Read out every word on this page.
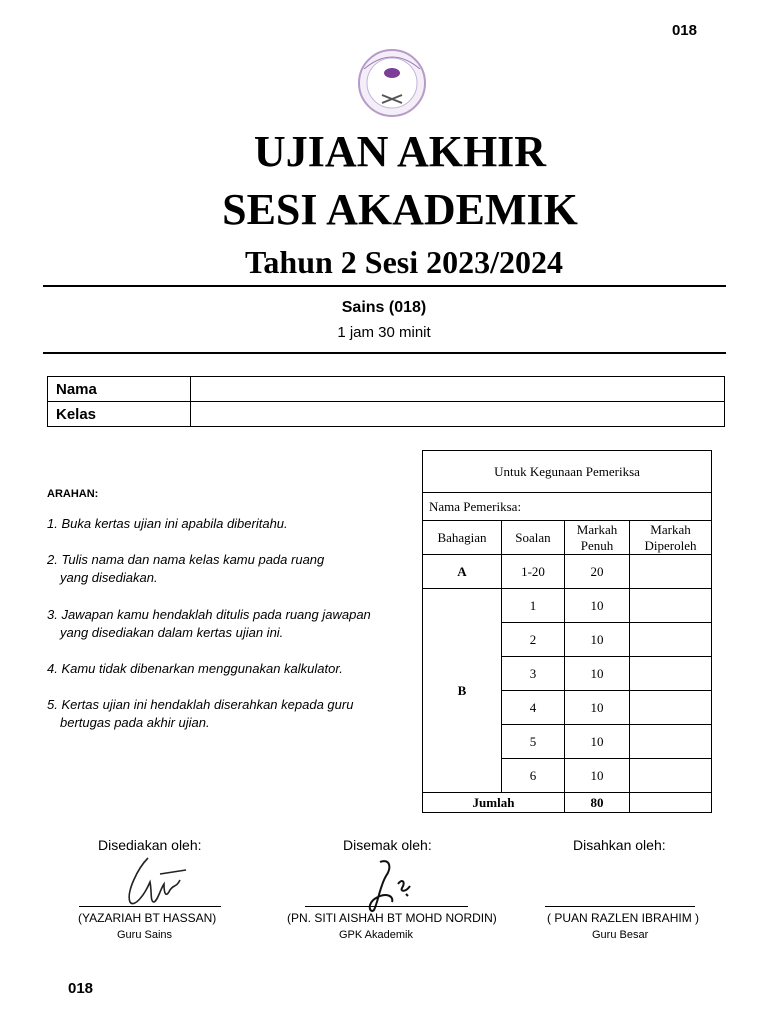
018
UJIAN AKHIR
SESI AKADEMIK
Tahun 2 Sesi 2023/2024
Sains (018)
1 jam 30 minit
Nama	
Kelas	
ARAHAN:
1. Buka kertas ujian ini apabila diberitahu.
2. Tulis nama dan nama kelas kamu pada ruang
yang disediakan.
3. Jawapan kamu hendaklah ditulis pada ruang jawapan
yang disediakan dalam kertas ujian ini.
4. Kamu tidak dibenarkan menggunakan kalkulator.
5. Kertas ujian ini hendaklah diserahkan kepada guru
bertugas pada akhir ujian.
Untuk Kegunaan Pemeriksa			
Nama Pemeriksa:			
Bahagian	Soalan	Markah Penuh	Markah Diperoleh
A	1-20	20	
B	1	10	
	2	10	
	3	10	
	4	10	
	5	10	
	6	10	
Jumlah		80	
Disediakan oleh:	Disemak oleh:	Disahkan oleh:
(YAZARIAH BT HASSAN)	(PN. SITI AISHAH BT MOHD NORDIN)	( PUAN RAZLEN IBRAHIM )
Guru Sains	GPK Akademik	Guru Besar
018
